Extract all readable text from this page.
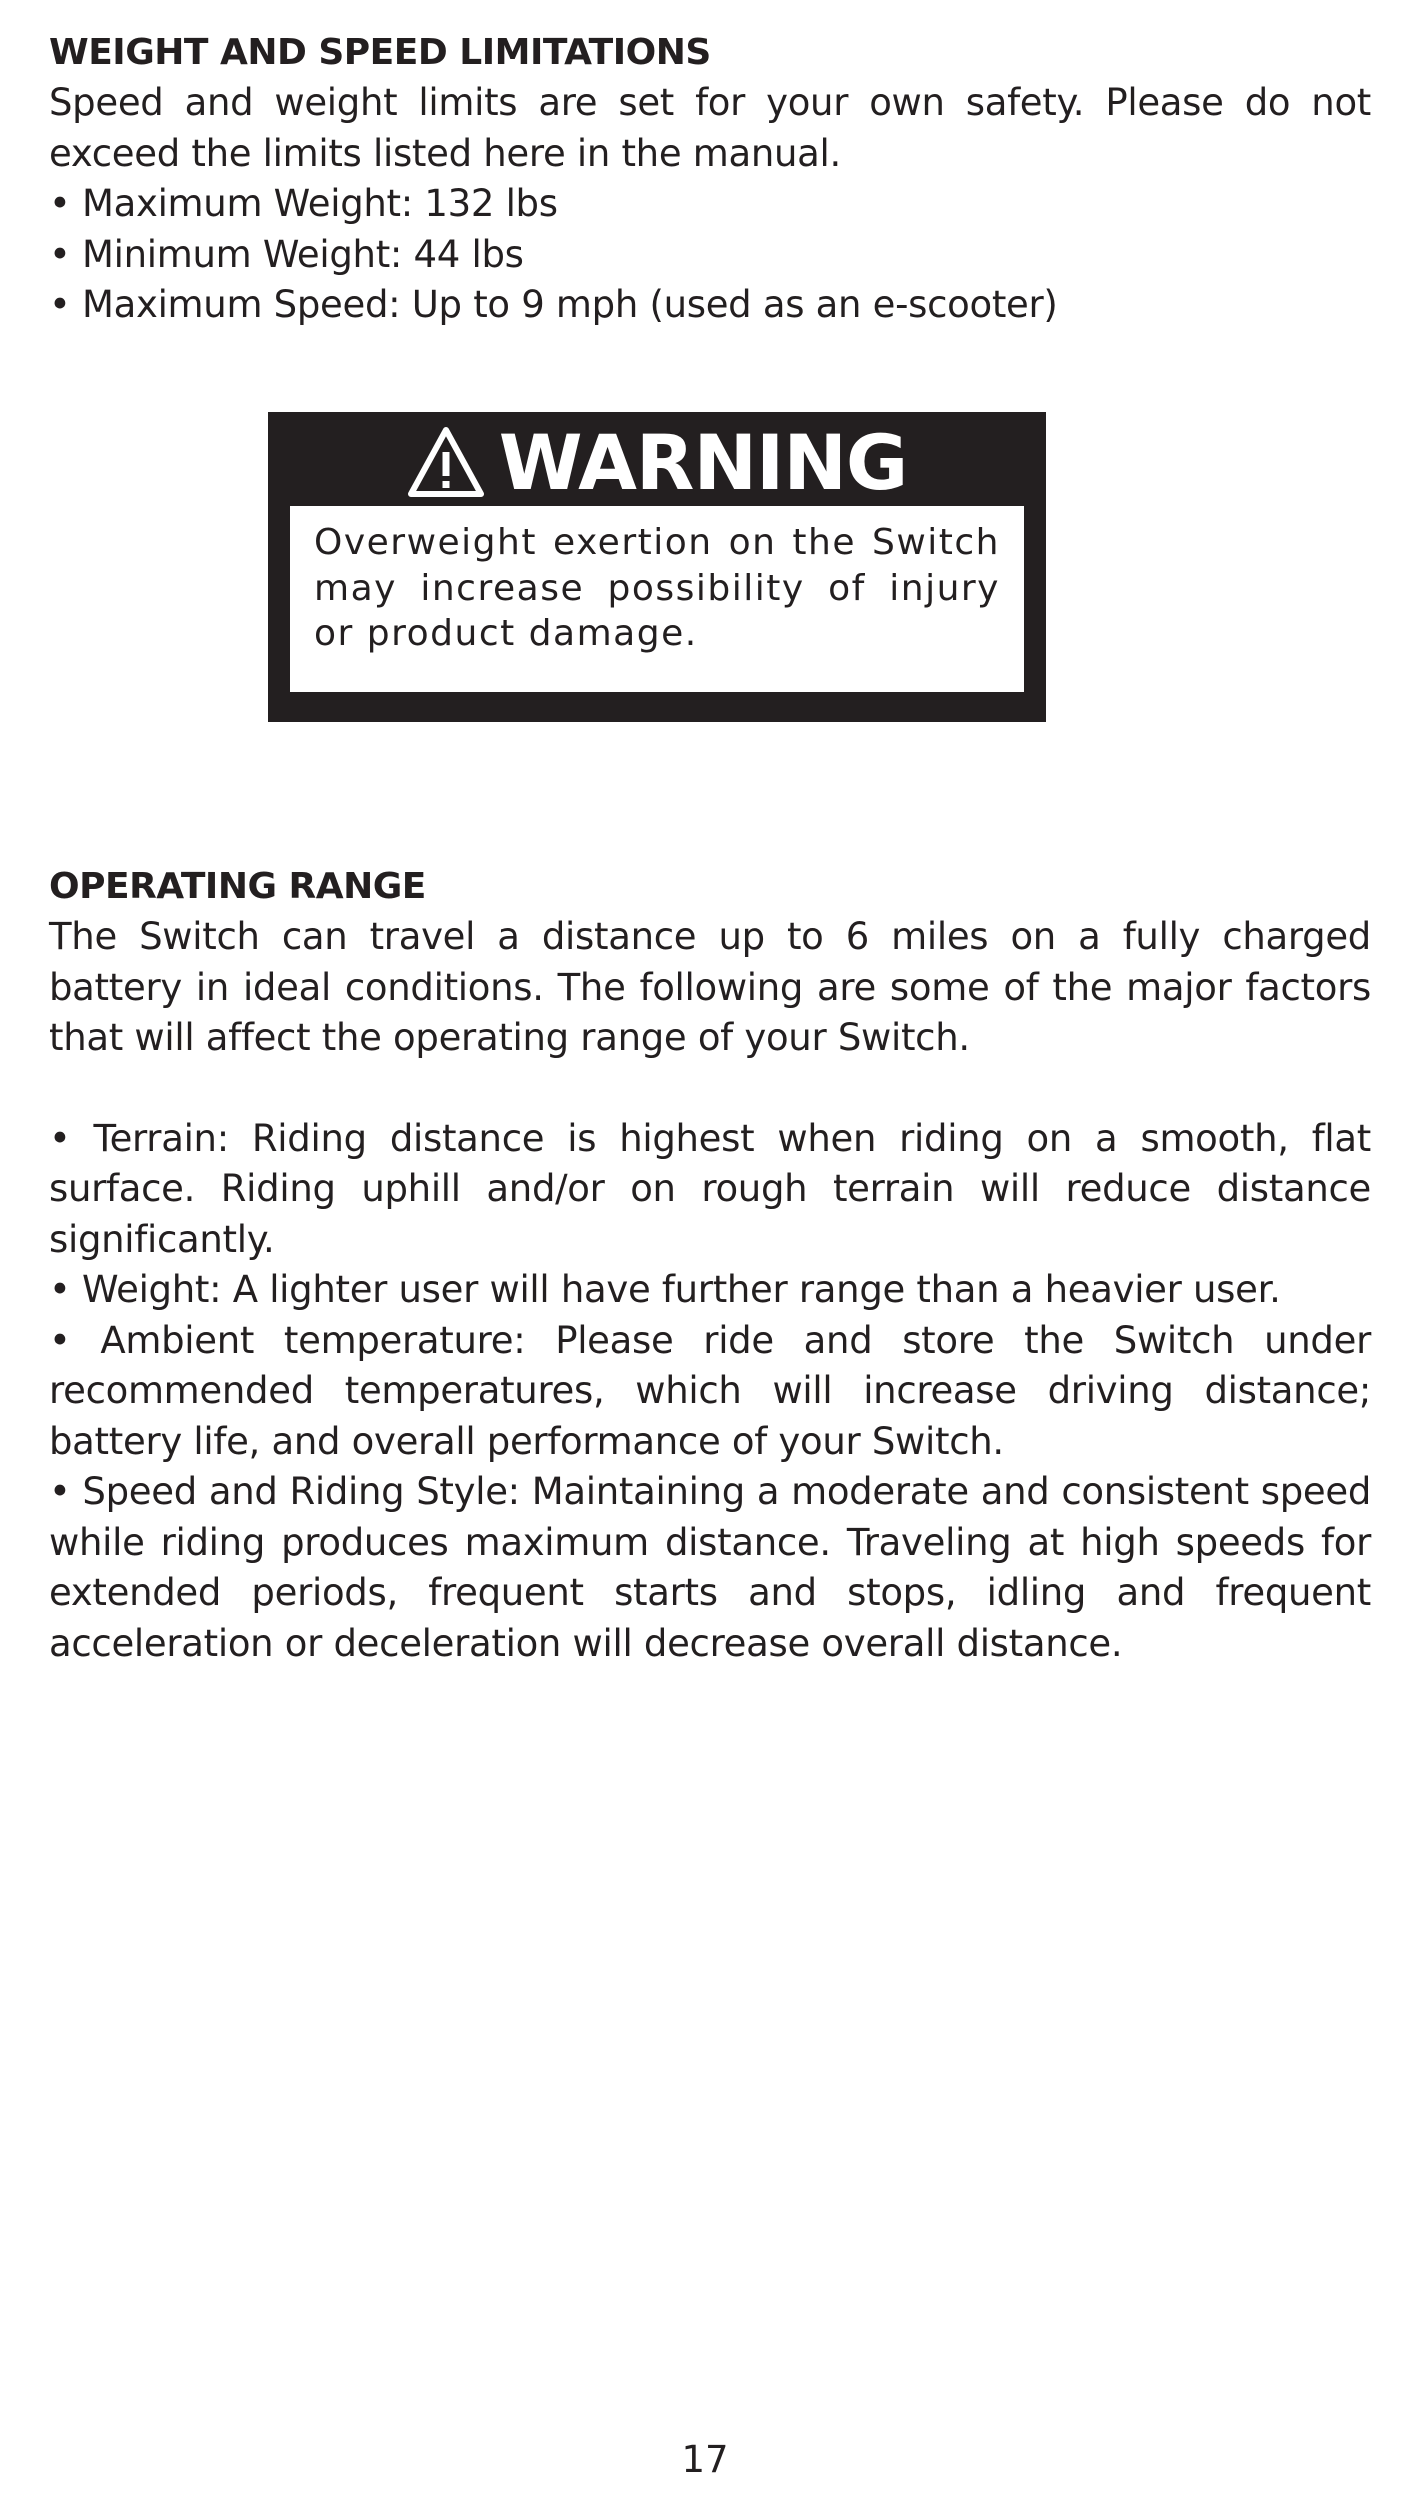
WEIGHT AND SPEED LIMITATIONS

Speed and weight limits are set for your own safety. Please do not exceed the limits listed here in the manual.

• Maximum Weight: 132 lbs

• Minimum Weight: 44 lbs

• Maximum Speed: Up to 9 mph (used as an e-scooter)

WARNING

Overweight exertion on the Switch may increase possibility of injury or product damage.

OPERATING RANGE

The Switch can travel a distance up to 6 miles on a fully charged battery in ideal conditions. The following are some of the major factors that will affect the operating range of your Switch.

• Terrain: Riding distance is highest when riding on a smooth, flat surface. Riding uphill and/or on rough terrain will reduce distance significantly.

• Weight: A lighter user will have further range than a heavier user.

• Ambient temperature: Please ride and store the Switch under recommended temperatures, which will increase driving distance; battery life, and overall performance of your Switch.

• Speed and Riding Style: Maintaining a moderate and consistent speed while riding produces maximum distance. Traveling at high speeds for extended periods, frequent starts and stops, idling and frequent acceleration or deceleration will decrease overall distance.

17
